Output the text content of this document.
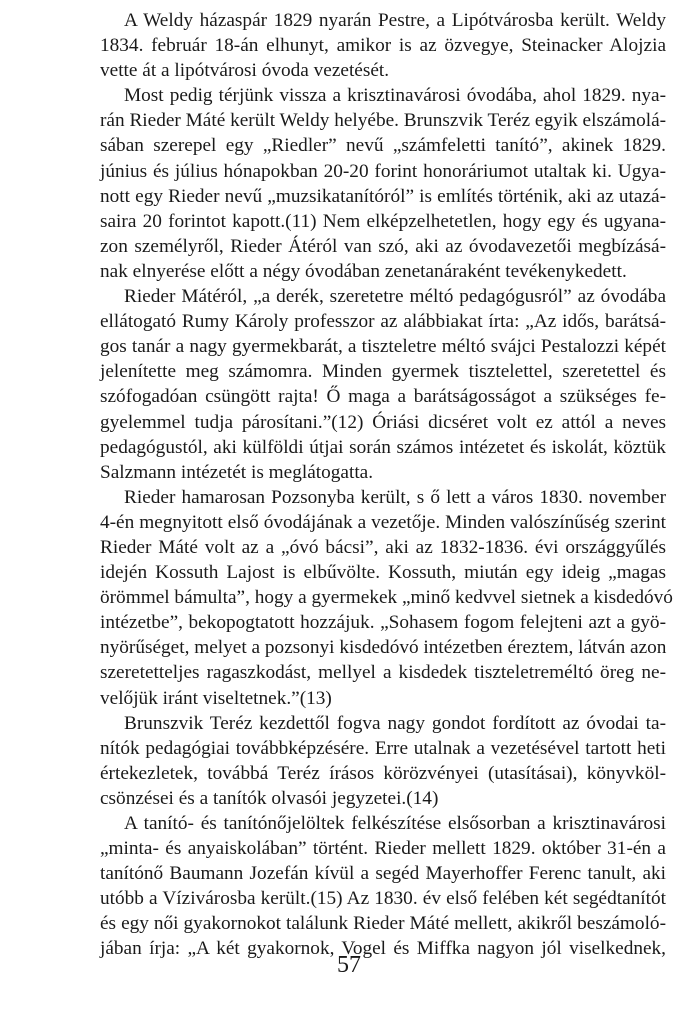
A Weldy házaspár 1829 nyarán Pestre, a Lipótvárosba került. Weldy
1834. február 18-án elhunyt, amikor is az özvegye, Steinacker Alojzia
vette át a lipótvárosi óvoda vezetését.
Most pedig térjünk vissza a krisztinavárosi óvodába, ahol 1829. nya-
rán Rieder Máté került Weldy helyébe. Brunszvik Teréz egyik elszámolá-
sában szerepel egy „Riedler” nevű „számfeletti tanító”, akinek 1829.
június és július hónapokban 20-20 forint honoráriumot utaltak ki. Ugya-
nott egy Rieder nevű „muzsikatanítóról” is említés történik, aki az utazá-
saira 20 forintot kapott.(11) Nem elképzelhetetlen, hogy egy és ugyana-
zon személyről, Rieder Átéról van szó, aki az óvodavezetői megbízásá-
nak elnyerése előtt a négy óvodában zenetanáraként tevékenykedett.
Rieder Mátéról, „a derék, szeretetre méltó pedagógusról” az óvodába
ellátogató Rumy Károly professzor az alábbiakat írta: „Az idős, barátsá-
gos tanár a nagy gyermekbarát, a tiszteletre méltó svájci Pestalozzi képét
jelenítette meg számomra. Minden gyermek tisztelettel, szeretettel és
szófogadóan csüngött rajta! Ő maga a barátságosságot a szükséges fe-
gyelemmel tudja párosítani.”(12) Óriási dicséret volt ez attól a neves
pedagógustól, aki külföldi útjai során számos intézetet és iskolát, köztük
Salzmann intézetét is meglátogatta.
Rieder hamarosan Pozsonyba került, s ő lett a város 1830. november
4-én megnyitott első óvodájának a vezetője. Minden valószínűség szerint
Rieder Máté volt az a „óvó bácsi”, aki az 1832-1836. évi országgyűlés
idején Kossuth Lajost is elbűvölte. Kossuth, miután egy ideig „magas
örömmel bámulta”, hogy a gyermekek „minő kedvvel sietnek a kisdedóvó
intézetbe”, bekopogtatott hozzájuk. „Sohasem fogom felejteni azt a gyö-
nyörűséget, melyet a pozsonyi kisdedóvó intézetben éreztem, látván azon
szeretetteljes ragaszkodást, mellyel a kisdedek tiszteletreméltó öreg ne-
velőjük iránt viseltetnek.”(13)
Brunszvik Teréz kezdettől fogva nagy gondot fordított az óvodai ta-
nítók pedagógiai továbbképzésére. Erre utalnak a vezetésével tartott heti
értekezletek, továbbá Teréz írásos körözvényei (utasításai), könyvköl-
csönzései és a tanítók olvasói jegyzetei.(14)
A tanító- és tanítónőjelöltek felkészítése elsősorban a krisztinavárosi
„minta- és anyaiskolában” történt. Rieder mellett 1829. október 31-én a
tanítónő Baumann Jozefán kívül a segéd Mayerhoffer Ferenc tanult, aki
utóbb a Vízivárosba került.(15) Az 1830. év első felében két segédtanítót
és egy női gyakornokot találunk Rieder Máté mellett, akikről beszámoló-
jában írja: „A két gyakornok, Vogel és Miffka nagyon jól viselkednek,
57
